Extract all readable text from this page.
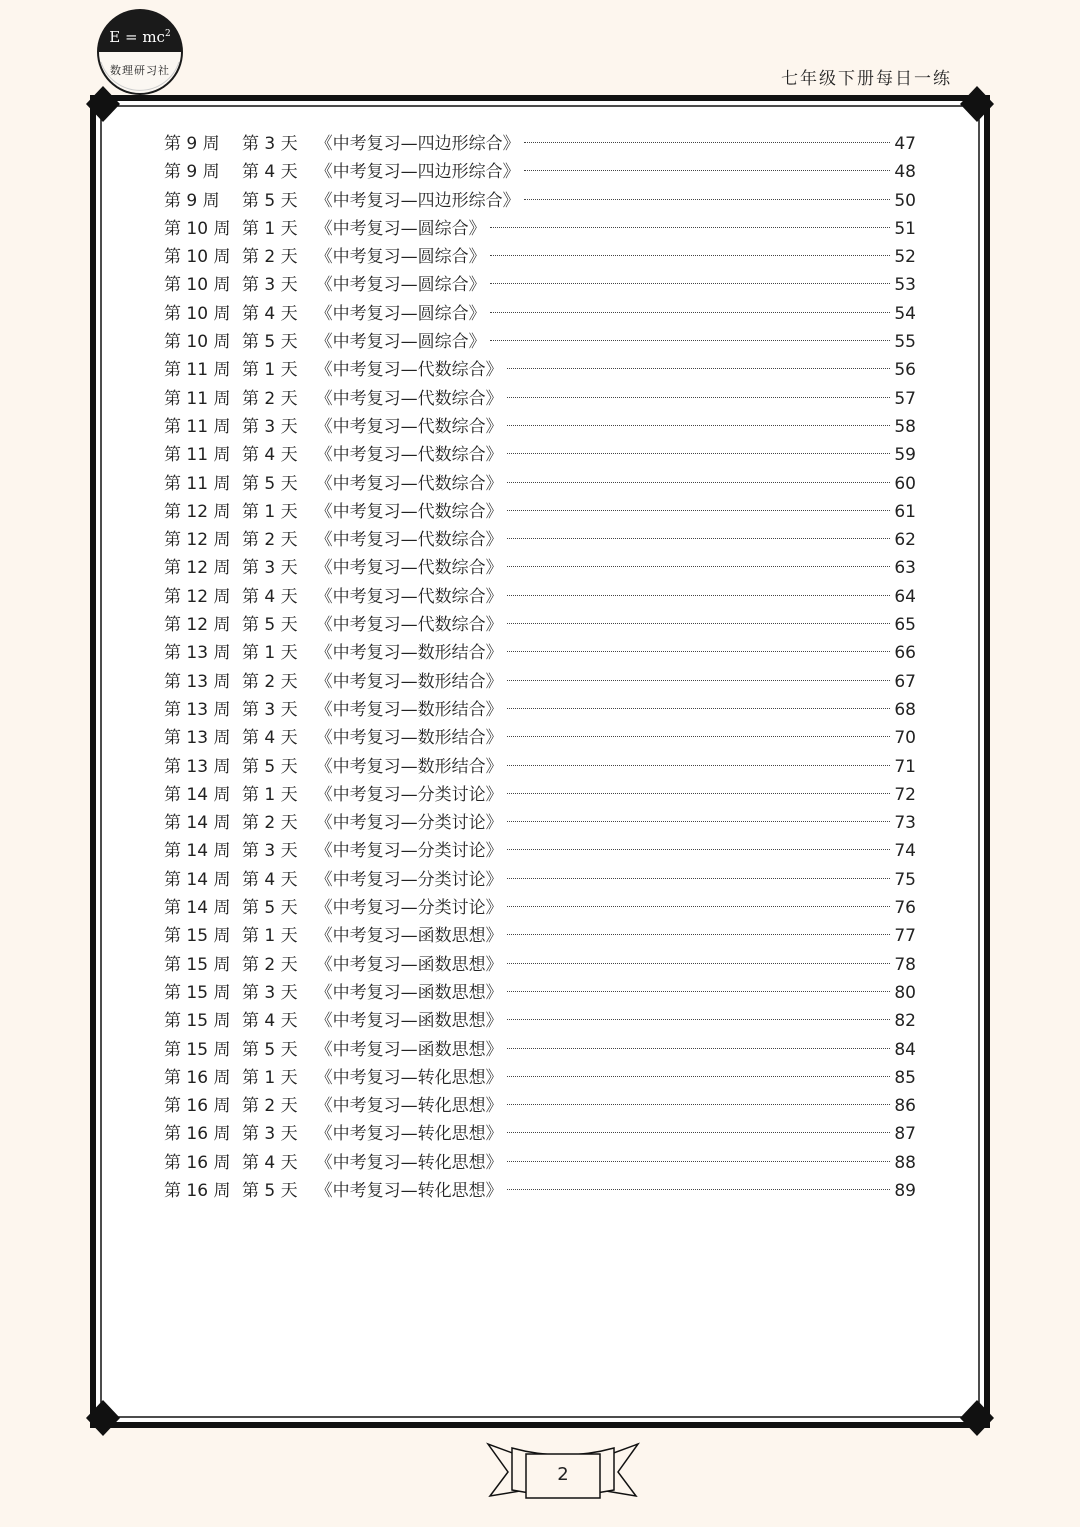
$E = mc^2$
数理研习社	七年级下册每日一练
第 9 周	第 3 天 《中考复习—四边形综合》	47
第 9 周	第 4 天 《中考复习—四边形综合》	48
第 9 周	第 5 天 《中考复习—四边形综合》	50
第 10 周 第 1 天 《中考复习—圆综合》	51
第 10 周 第 2 天 《中考复习—圆综合》	52
第 10 周 第 3 天 《中考复习—圆综合》	53
第 10 周 第 4 天 《中考复习—圆综合》	54
第 10 周 第 5 天 《中考复习—圆综合》	55
第 11 周 第 1 天 《中考复习—代数综合》	56
第 11 周 第 2 天 《中考复习—代数综合》	57
第 11 周 第 3 天 《中考复习—代数综合》	58
第 11 周 第 4 天 《中考复习—代数综合》	59
第 11 周 第 5 天 《中考复习—代数综合》	60
第 12 周 第 1 天 《中考复习—代数综合》	61
第 12 周 第 2 天 《中考复习—代数综合》	62
第 12 周 第 3 天 《中考复习—代数综合》	63
第 12 周 第 4 天 《中考复习—代数综合》	64
第 12 周 第 5 天 《中考复习—代数综合》	65
第 13 周 第 1 天 《中考复习—数形结合》	66
第 13 周 第 2 天 《中考复习—数形结合》	67
第 13 周 第 3 天 《中考复习—数形结合》	68
第 13 周 第 4 天 《中考复习—数形结合》	70
第 13 周 第 5 天 《中考复习—数形结合》	71
第 14 周 第 1 天 《中考复习—分类讨论》	72
第 14 周 第 2 天 《中考复习—分类讨论》	73
第 14 周 第 3 天 《中考复习—分类讨论》	74
第 14 周 第 4 天 《中考复习—分类讨论》	75
第 14 周 第 5 天 《中考复习—分类讨论》	76
第 15 周 第 1 天 《中考复习—函数思想》	77
第 15 周 第 2 天 《中考复习—函数思想》	78
第 15 周 第 3 天 《中考复习—函数思想》	80
第 15 周 第 4 天 《中考复习—函数思想》	82
第 15 周 第 5 天 《中考复习—函数思想》	84
第 16 周 第 1 天 《中考复习—转化思想》	85
第 16 周 第 2 天 《中考复习—转化思想》	86
第 16 周 第 3 天 《中考复习—转化思想》	87
第 16 周 第 4 天 《中考复习—转化思想》	88
第 16 周 第 5 天 《中考复习—转化思想》	89
2
